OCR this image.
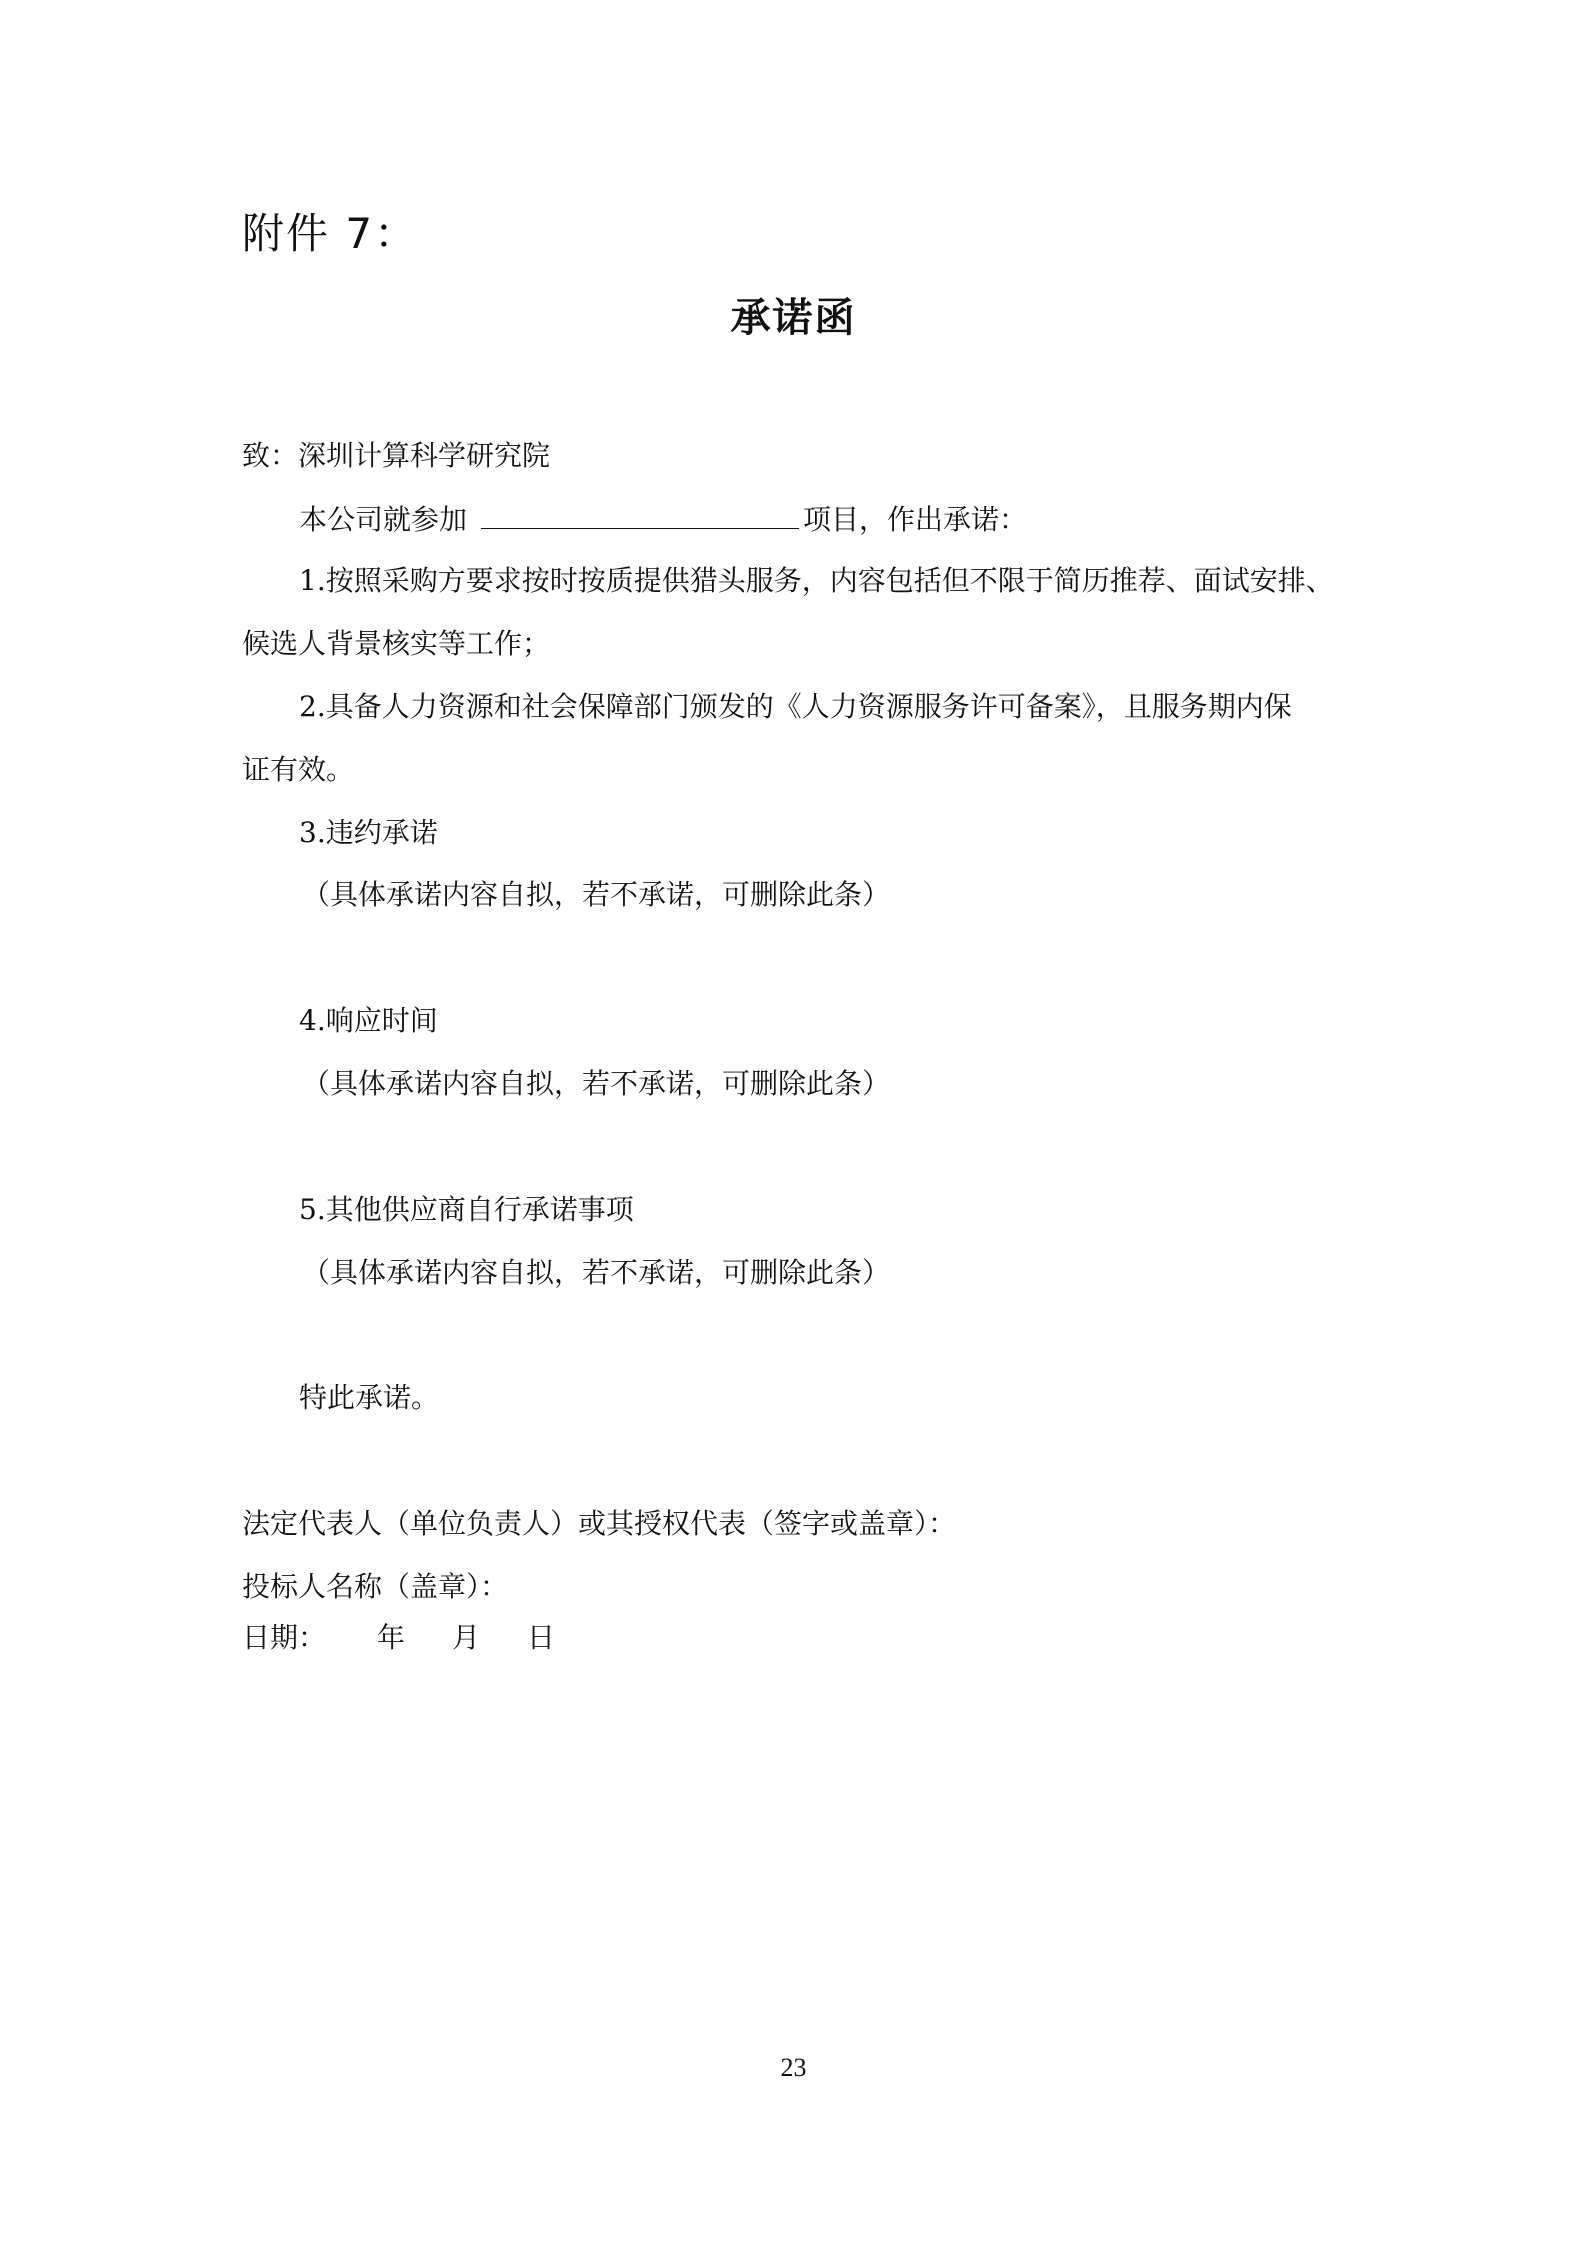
附件 7：
承诺函
致：深圳计算科学研究院
本公司就参加	项目，作出承诺：
1.按照采购方要求按时按质提供猎头服务，内容包括但不限于简历推荐、面试安排、
候选人背景核实等工作；
2.具备人力资源和社会保障部门颁发的《人力资源服务许可备案》，且服务期内保
证有效。
3.违约承诺
（具体承诺内容自拟，若不承诺，可删除此条）
4.响应时间
（具体承诺内容自拟，若不承诺，可删除此条）
5.其他供应商自行承诺事项
（具体承诺内容自拟，若不承诺，可删除此条）
特此承诺。
法定代表人（单位负责人）或其授权代表（签字或盖章）：
投标人名称（盖章）：
日期： 年 月 日
23
